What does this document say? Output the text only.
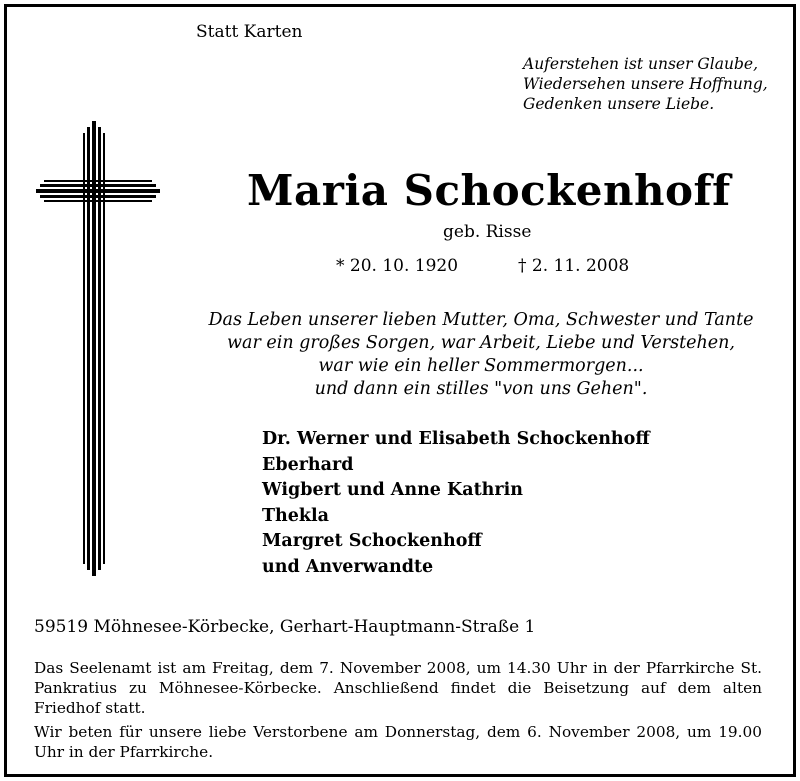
Statt Karten
Auferstehen ist unser Glaube,
Wiedersehen unsere Hoffnung,
Gedenken unsere Liebe.
Maria Schockenhoff
geb. Risse
* 20. 10. 1920	† 2. 11. 2008
Das Leben unserer lieben Mutter, Oma, Schwester und Tante
war ein großes Sorgen, war Arbeit, Liebe und Verstehen,
war wie ein heller Sommermorgen...
und dann ein stilles "von uns Gehen".
Dr. Werner und Elisabeth Schockenhoff
Eberhard
Wigbert und Anne Kathrin
Thekla
Margret Schockenhoff
und Anverwandte
59519 Möhnesee-Körbecke, Gerhart-Hauptmann-Straße 1
Das Seelenamt ist am Freitag, dem 7. November 2008, um 14.30 Uhr in der Pfarrkirche St. Pankratius zu Möhnesee-Körbecke. Anschließend findet die Beisetzung auf dem alten Friedhof statt.
Wir beten für unsere liebe Verstorbene am Donnerstag, dem 6. November 2008, um 19.00 Uhr in der Pfarrkirche.
